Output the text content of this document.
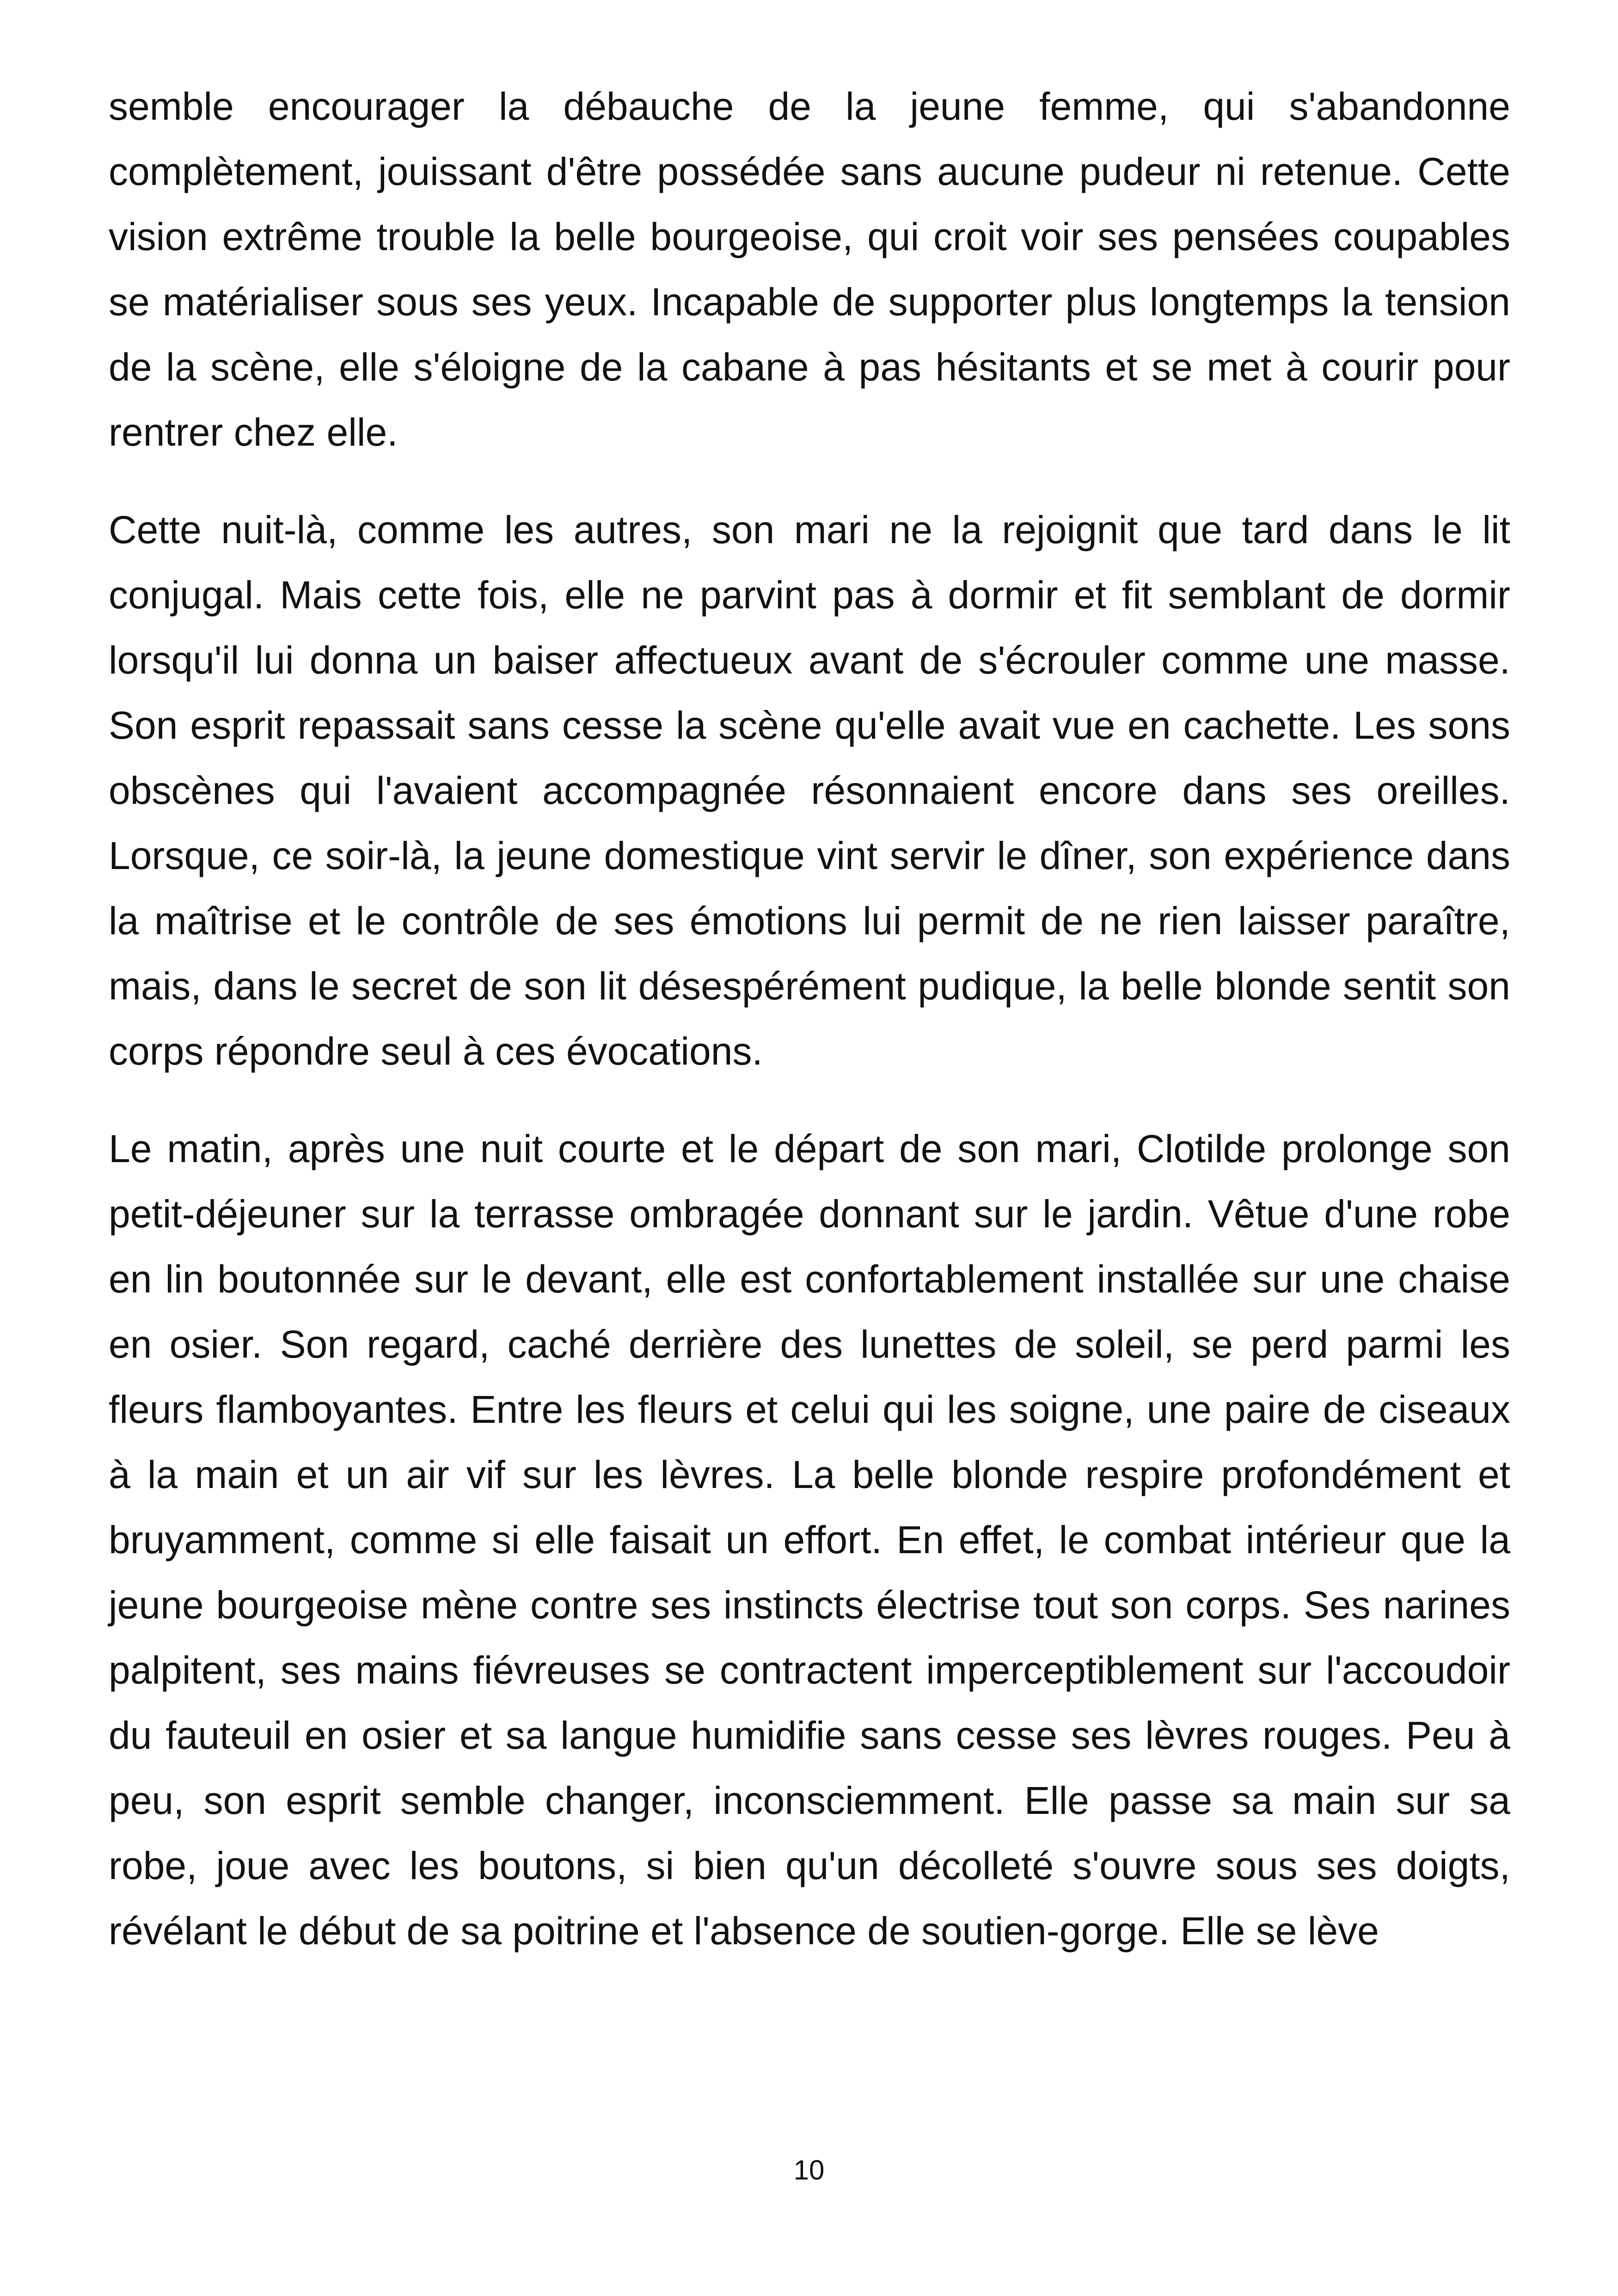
semble encourager la débauche de la jeune femme, qui s'abandonne complètement, jouissant d'être possédée sans aucune pudeur ni retenue. Cette vision extrême trouble la belle bourgeoise, qui croit voir ses pensées coupables se matérialiser sous ses yeux. Incapable de supporter plus longtemps la tension de la scène, elle s'éloigne de la cabane à pas hésitants et se met à courir pour rentrer chez elle.

Cette nuit-là, comme les autres, son mari ne la rejoignit que tard dans le lit conjugal. Mais cette fois, elle ne parvint pas à dormir et fit semblant de dormir lorsqu'il lui donna un baiser affectueux avant de s'écrouler comme une masse. Son esprit repassait sans cesse la scène qu'elle avait vue en cachette. Les sons obscènes qui l'avaient accompagnée résonnaient encore dans ses oreilles. Lorsque, ce soir-là, la jeune domestique vint servir le dîner, son expérience dans la maîtrise et le contrôle de ses émotions lui permit de ne rien laisser paraître, mais, dans le secret de son lit désespérément pudique, la belle blonde sentit son corps répondre seul à ces évocations.

Le matin, après une nuit courte et le départ de son mari, Clotilde prolonge son petit-déjeuner sur la terrasse ombragée donnant sur le jardin. Vêtue d'une robe en lin boutonnée sur le devant, elle est confortablement installée sur une chaise en osier. Son regard, caché derrière des lunettes de soleil, se perd parmi les fleurs flamboyantes. Entre les fleurs et celui qui les soigne, une paire de ciseaux à la main et un air vif sur les lèvres. La belle blonde respire profondément et bruyamment, comme si elle faisait un effort. En effet, le combat intérieur que la jeune bourgeoise mène contre ses instincts électrise tout son corps. Ses narines palpitent, ses mains fiévreuses se contractent imperceptiblement sur l'accoudoir du fauteuil en osier et sa langue humidifie sans cesse ses lèvres rouges. Peu à peu, son esprit semble changer, inconsciemment. Elle passe sa main sur sa robe, joue avec les boutons, si bien qu'un décolleté s'ouvre sous ses doigts, révélant le début de sa poitrine et l'absence de soutien-gorge. Elle se lève

10
